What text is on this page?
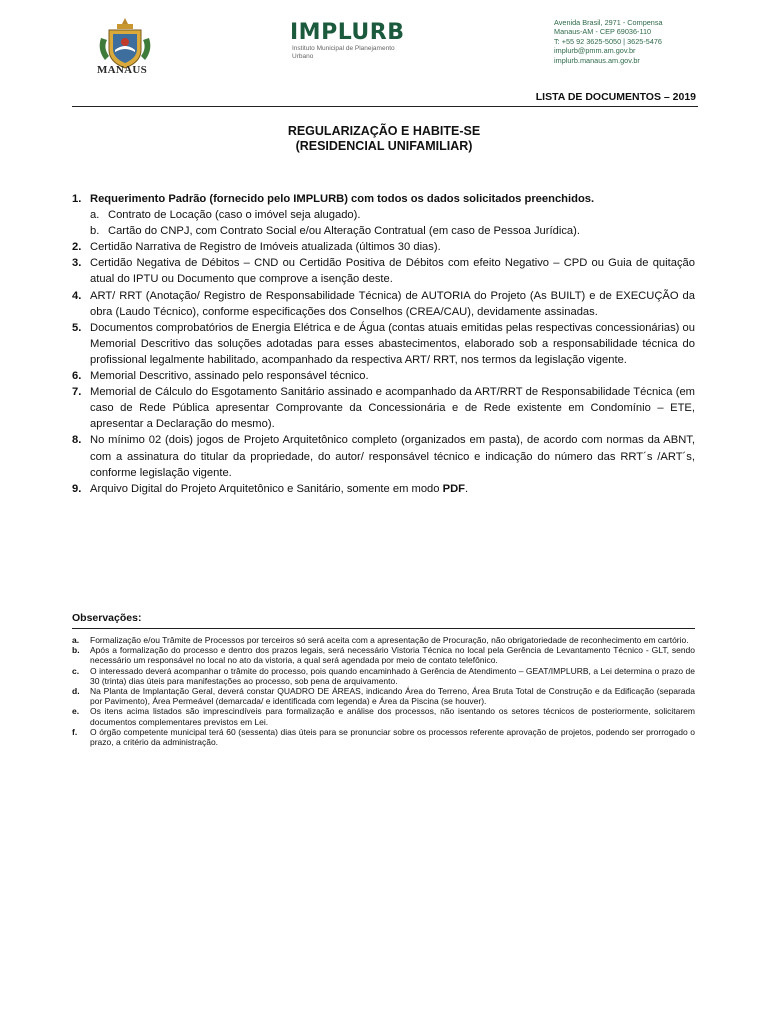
MANAUS
IMPLURB
Instituto Municipal de Planejamento Urbano
Avenida Brasil, 2971 - Compensa
Manaus-AM - CEP 69036-110
T: +55 92 3625-5050 | 3625-5476
implurb@pmm.am.gov.br
implurb.manaus.am.gov.br
LISTA DE DOCUMENTOS – 2019
REGULARIZAÇÃO E HABITE-SE
(RESIDENCIAL UNIFAMILIAR)
1. Requerimento Padrão (fornecido pelo IMPLURB) com todos os dados solicitados preenchidos.
a. Contrato de Locação (caso o imóvel seja alugado).
b. Cartão do CNPJ, com Contrato Social e/ou Alteração Contratual (em caso de Pessoa Jurídica).
2. Certidão Narrativa de Registro de Imóveis atualizada (últimos 30 dias).
3. Certidão Negativa de Débitos – CND ou Certidão Positiva de Débitos com efeito Negativo – CPD ou Guia de quitação atual do IPTU ou Documento que comprove a isenção deste.
4. ART/ RRT (Anotação/ Registro de Responsabilidade Técnica) de AUTORIA do Projeto (As BUILT) e de EXECUÇÃO da obra (Laudo Técnico), conforme especificações dos Conselhos (CREA/CAU), devidamente assinadas.
5. Documentos comprobatórios de Energia Elétrica e de Água (contas atuais emitidas pelas respectivas concessionárias) ou Memorial Descritivo das soluções adotadas para esses abastecimentos, elaborado sob a responsabilidade técnica do profissional legalmente habilitado, acompanhado da respectiva ART/ RRT, nos termos da legislação vigente.
6. Memorial Descritivo, assinado pelo responsável técnico.
7. Memorial de Cálculo do Esgotamento Sanitário assinado e acompanhado da ART/RRT de Responsabilidade Técnica (em caso de Rede Pública apresentar Comprovante da Concessionária e de Rede existente em Condomínio – ETE, apresentar a Declaração do mesmo).
8. No mínimo 02 (dois) jogos de Projeto Arquitetônico completo (organizados em pasta), de acordo com normas da ABNT, com a assinatura do titular da propriedade, do autor/ responsável técnico e indicação do número das RRT´s /ART´s, conforme legislação vigente.
9. Arquivo Digital do Projeto Arquitetônico e Sanitário, somente em modo PDF.
Observações:
a.	Formalização e/ou Trâmite de Processos por terceiros só será aceita com a apresentação de Procuração, não obrigatoriedade de reconhecimento em cartório.
b.	Após a formalização do processo e dentro dos prazos legais, será necessário Vistoria Técnica no local pela Gerência de Levantamento Técnico - GLT, sendo necessário um responsável no local no ato da vistoria, a qual será agendada por meio de contato telefônico.
c.	O interessado deverá acompanhar o trâmite do processo, pois quando encaminhado à Gerência de Atendimento – GEAT/IMPLURB, a Lei determina o prazo de 30 (trinta) dias úteis para manifestações ao processo, sob pena de arquivamento.
d.	Na Planta de Implantação Geral, deverá constar QUADRO DE ÁREAS, indicando Área do Terreno, Área Bruta Total de Construção e da Edificação (separada por Pavimento), Área Permeável (demarcada/ e identificada com legenda) e Área da Piscina (se houver).
e.	Os itens acima listados são imprescindíveis para formalização e análise dos processos, não isentando os setores técnicos de posteriormente, solicitarem documentos complementares previstos em Lei.
f.	O órgão competente municipal terá 60 (sessenta) dias úteis para se pronunciar sobre os processos referente aprovação de projetos, podendo ser prorrogado o prazo, a critério da administração.
